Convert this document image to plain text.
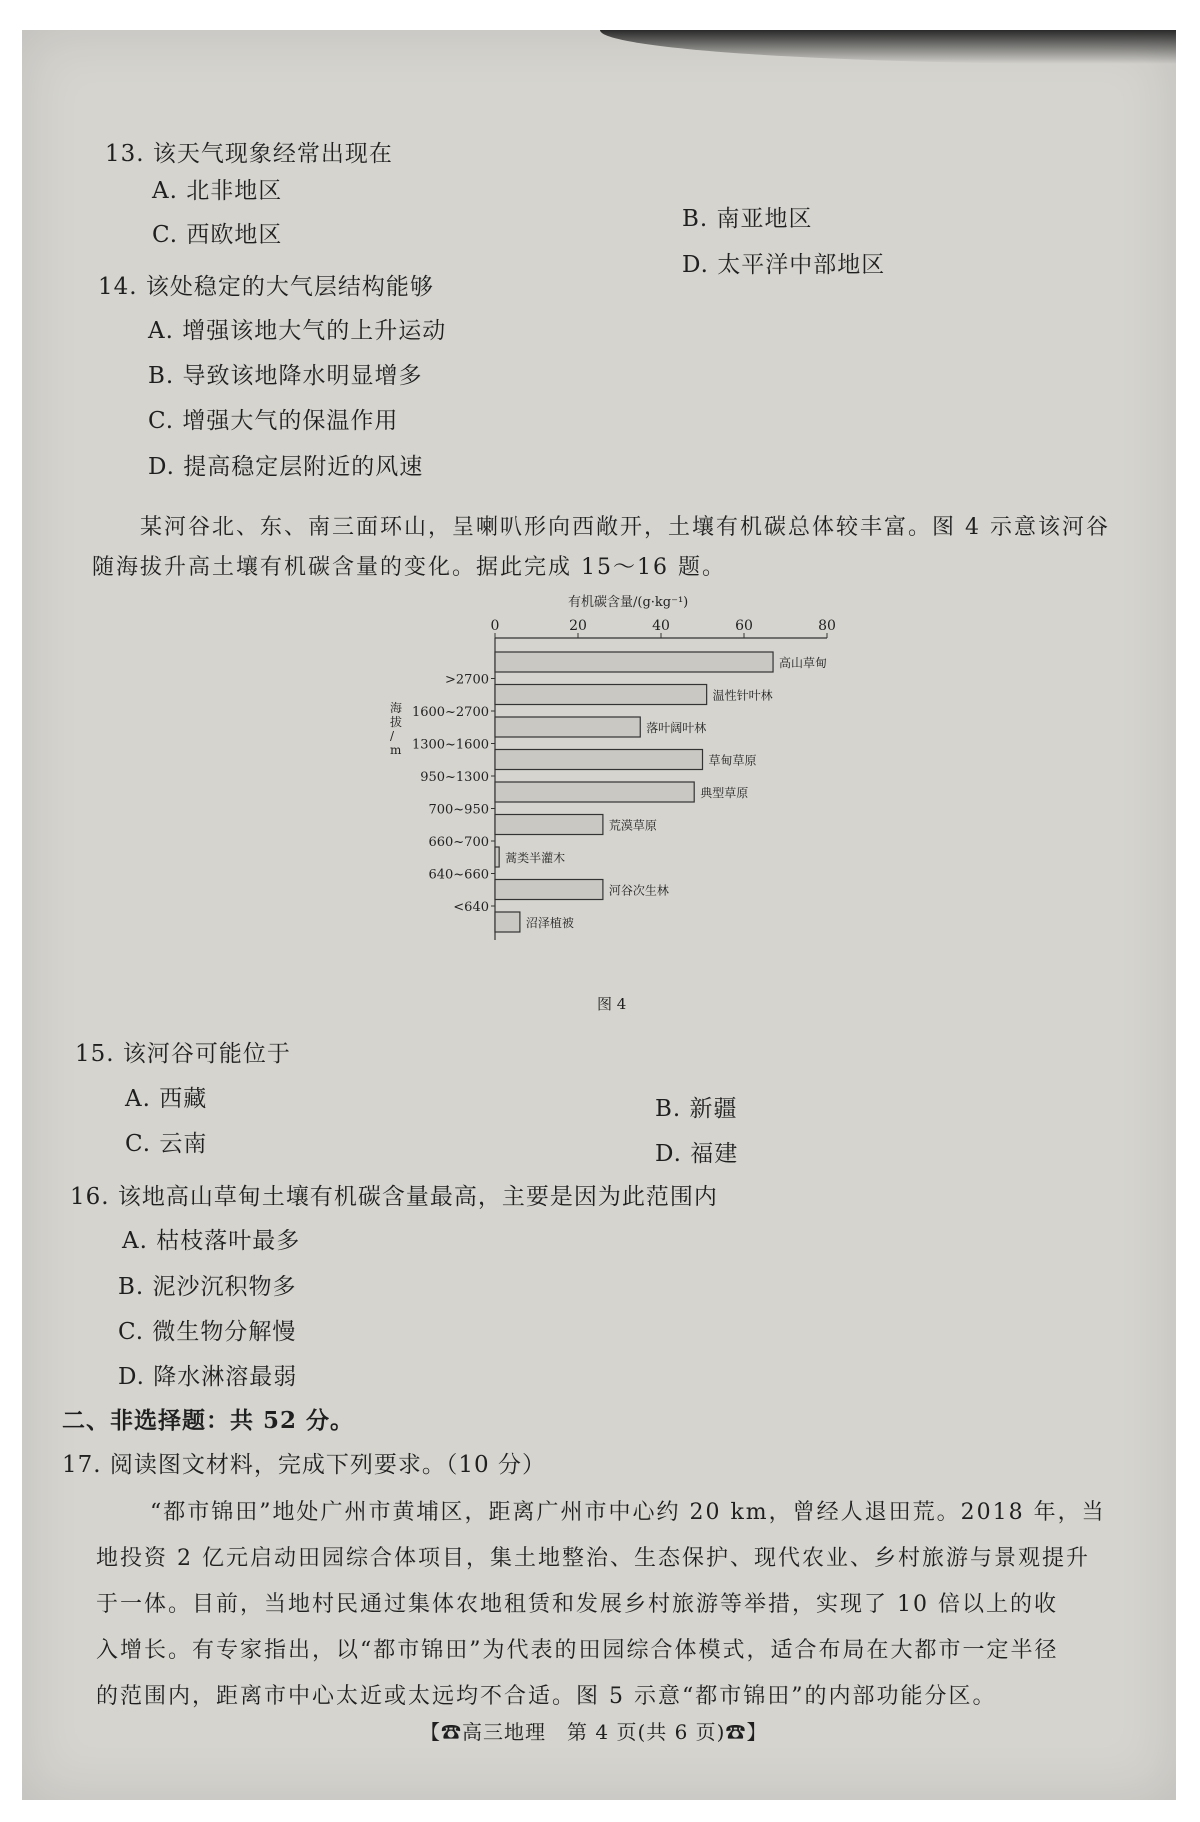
13. 该天气现象经常出现在
A. 北非地区
B. 南亚地区
C. 西欧地区
D. 太平洋中部地区
14. 该处稳定的大气层结构能够
A. 增强该地大气的上升运动
B. 导致该地降水明显增多
C. 增强大气的保温作用
D. 提高稳定层附近的风速
某河谷北、东、南三面环山，呈喇叭形向西敞开，土壤有机碳总体较丰富。图 4 示意该河谷
随海拔升高土壤有机碳含量的变化。据此完成 15～16 题。
有机碳含量/(g·kg⁻¹)
0	20	40	60	80
高山草甸
温性针叶林
落叶阔叶林
草甸草原
典型草原
荒漠草原
蒿类半灌木
河谷次生林
沼泽植被
>2700
1600~2700
1300~1600
950~1300
700~950
660~700
640~660
<640
海拔/ m
图 4
15. 该河谷可能位于
A. 西藏	B. 新疆
C. 云南	D. 福建
16. 该地高山草甸土壤有机碳含量最高，主要是因为此范围内
A. 枯枝落叶最多
B. 泥沙沉积物多
C. 微生物分解慢
D. 降水淋溶最弱
二、非选择题：共 52 分。
17. 阅读图文材料，完成下列要求。（10 分）
“都市锦田”地处广州市黄埔区，距离广州市中心约 20 km，曾经人退田荒。2018 年，当
地投资 2 亿元启动田园综合体项目，集土地整治、生态保护、现代农业、乡村旅游与景观提升
于一体。目前，当地村民通过集体农地租赁和发展乡村旅游等举措，实现了 10 倍以上的收
入增长。有专家指出，以“都市锦田”为代表的田园综合体模式，适合布局在大都市一定半径
的范围内，距离市中心太近或太远均不合适。图 5 示意“都市锦田”的内部功能分区。
【☎高三地理　第 4 页(共 6 页)☎】
